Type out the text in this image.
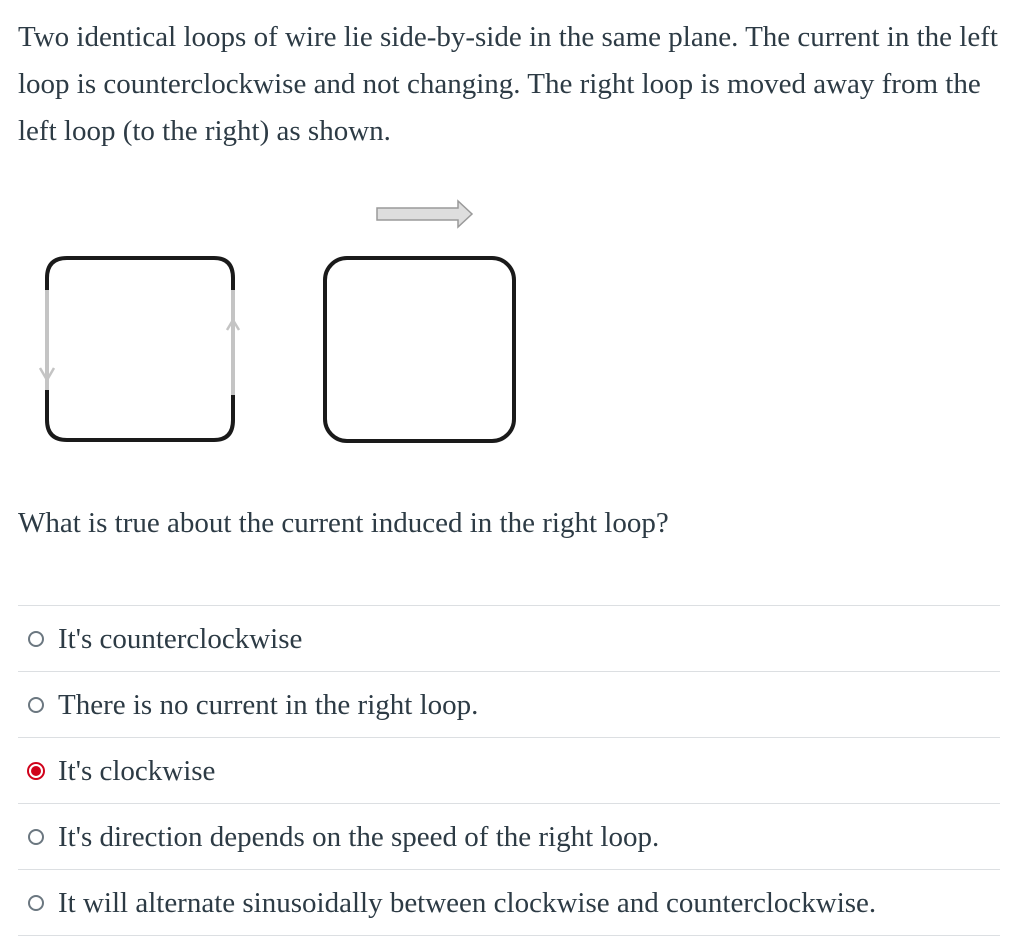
Two identical loops of wire lie side-by-side in the same plane. The current in the left loop is counterclockwise and not changing. The right loop is moved away from the left loop (to the right) as shown.

What is true about the current induced in the right loop?

It's counterclockwise
There is no current in the right loop.
It's clockwise
It's direction depends on the speed of the right loop.
It will alternate sinusoidally between clockwise and counterclockwise.
